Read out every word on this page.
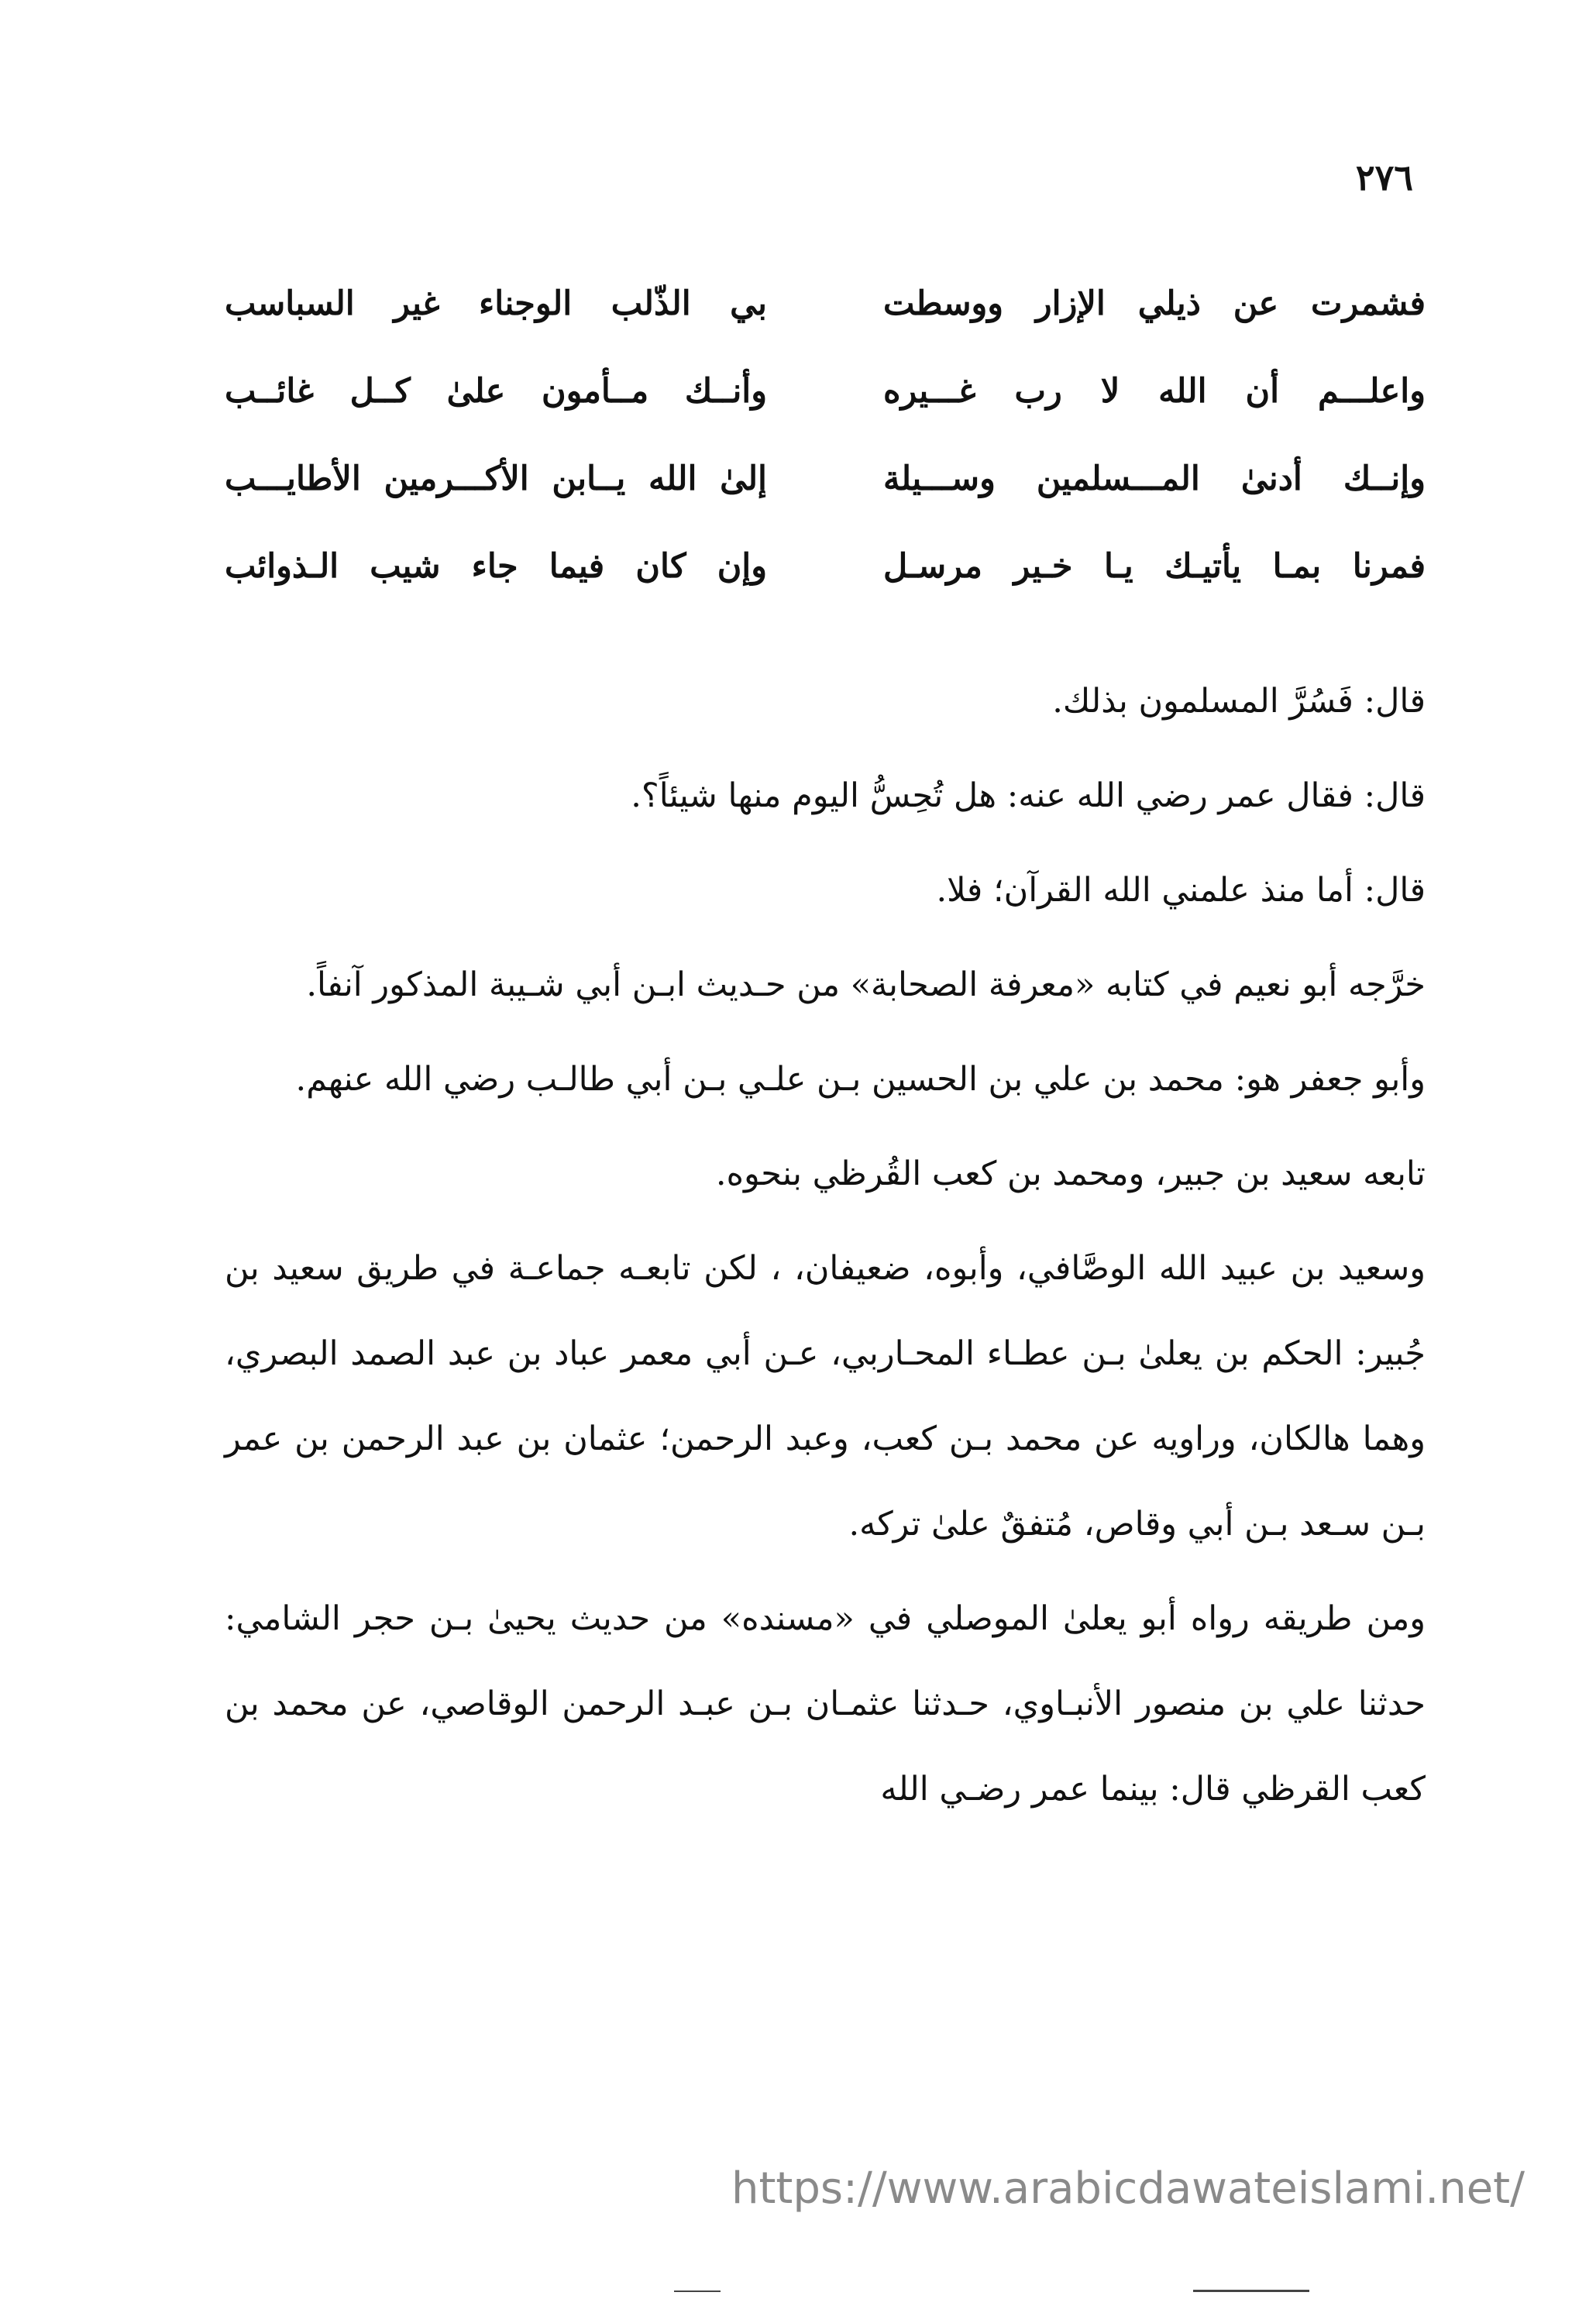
٢٧٦
فشمرت عن ذيلي الإزار ووسطت
بي الذّلب الوجناء غير السباسب
واعلـــم أن الله لا رب غـــيره
وأنــك مــأمون علىٰ كــل غائــب
وإنــك أدنىٰ المـــسلمين وســـيلة
إلىٰ الله يــابن الأكـــرمين الأطايـــب
فمرنا بمـا يأتيـك يـا خـير مرسـل
وإن كان فيما جاء شيب الـذوائب

قال: فَسُرَّ المسلمون بذلك.

قال: فقال عمر رضي الله عنه: هل تُحِسُّ اليوم منها شيئاً؟.

قال: أما منذ علمني الله القرآن؛ فلا.

خرَّجه أبو نعيم في كتابه «معرفة الصحابة» من حـديث ابـن أبي شـيبة المذكور آنفاً.

وأبو جعفر هو: محمد بن علي بن الحسين بـن علـي بـن أبي طالـب رضي الله عنهم.

تابعه سعيد بن جبير، ومحمد بن كعب القُرظي بنحوه.

وسعيد بن عبيد الله الوصَّافي، وأبوه، ضعيفان، ، لكن تابعـه جماعـة في طريق سعيد بن جُبير: الحكم بن يعلىٰ بـن عطـاء المحـاربي، عـن أبي معمر عباد بن عبد الصمد البصري، وهما هالكان، وراويه عن محمد بـن كعب، وعبد الرحمن؛ عثمان بن عبد الرحمن بن عمر بـن سـعد بـن أبي وقاص، مُتفقٌ علىٰ تركه.

ومن طريقه رواه أبو يعلىٰ الموصلي في «مسنده» من حديث يحيىٰ بـن حجر الشامي: حدثنا علي بن منصور الأنبـاوي، حـدثنا عثمـان بـن عبـد الرحمن الوقاصي، عن محمد بن كعب القرظي قال: بينما عمر رضـي الله

https://www.arabicdawateislami.net/
